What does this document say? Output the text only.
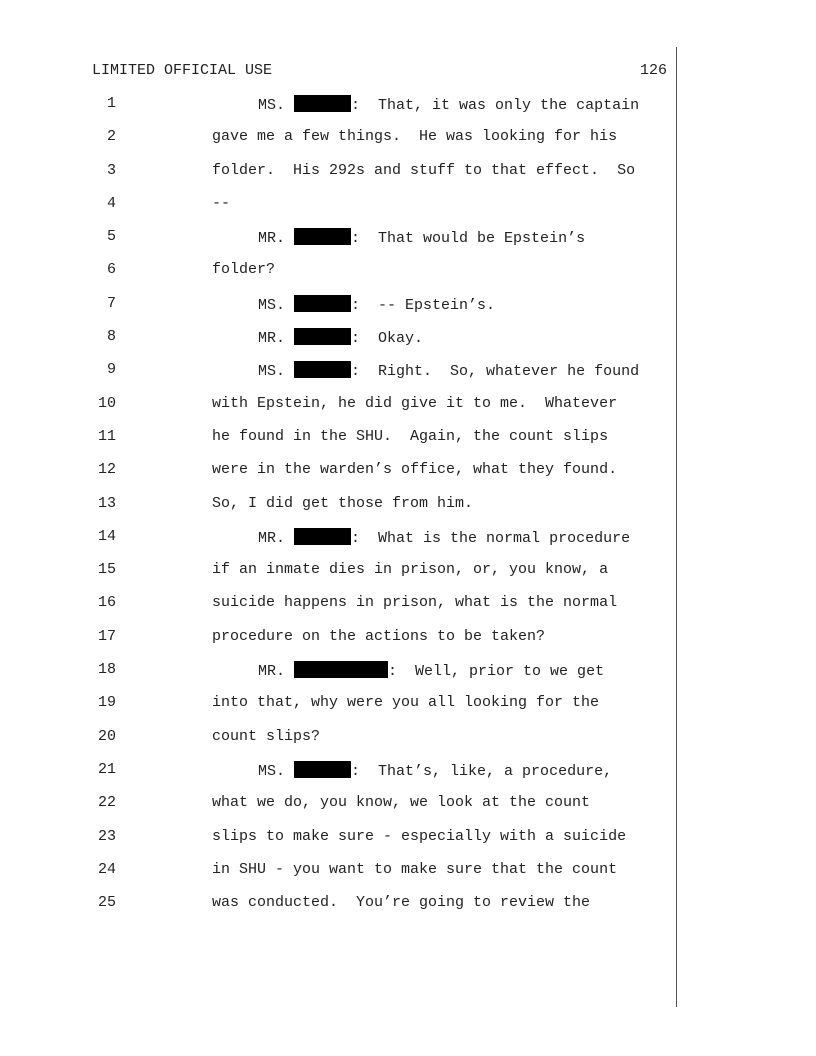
LIMITED OFFICIAL USE	126
1	MS.	:  That, it was only the captain
2	gave me a few things.  He was looking for his
3	folder.  His 292s and stuff to that effect.  So
4	--
5	MR.	:  That would be Epstein’s
6	folder?
7	MS.	:  -- Epstein’s.
8	MR.	:  Okay.
9	MS.	:  Right.  So, whatever he found
10	with Epstein, he did give it to me.  Whatever
11	he found in the SHU.  Again, the count slips
12	were in the warden’s office, what they found.
13	So, I did get those from him.
14	MR.	:  What is the normal procedure
15	if an inmate dies in prison, or, you know, a
16	suicide happens in prison, what is the normal
17	procedure on the actions to be taken?
18	MR.	:  Well, prior to we get
19	into that, why were you all looking for the
20	count slips?
21	MS.	:  That’s, like, a procedure,
22	what we do, you know, we look at the count
23	slips to make sure - especially with a suicide
24	in SHU - you want to make sure that the count
25	was conducted.  You’re going to review the
